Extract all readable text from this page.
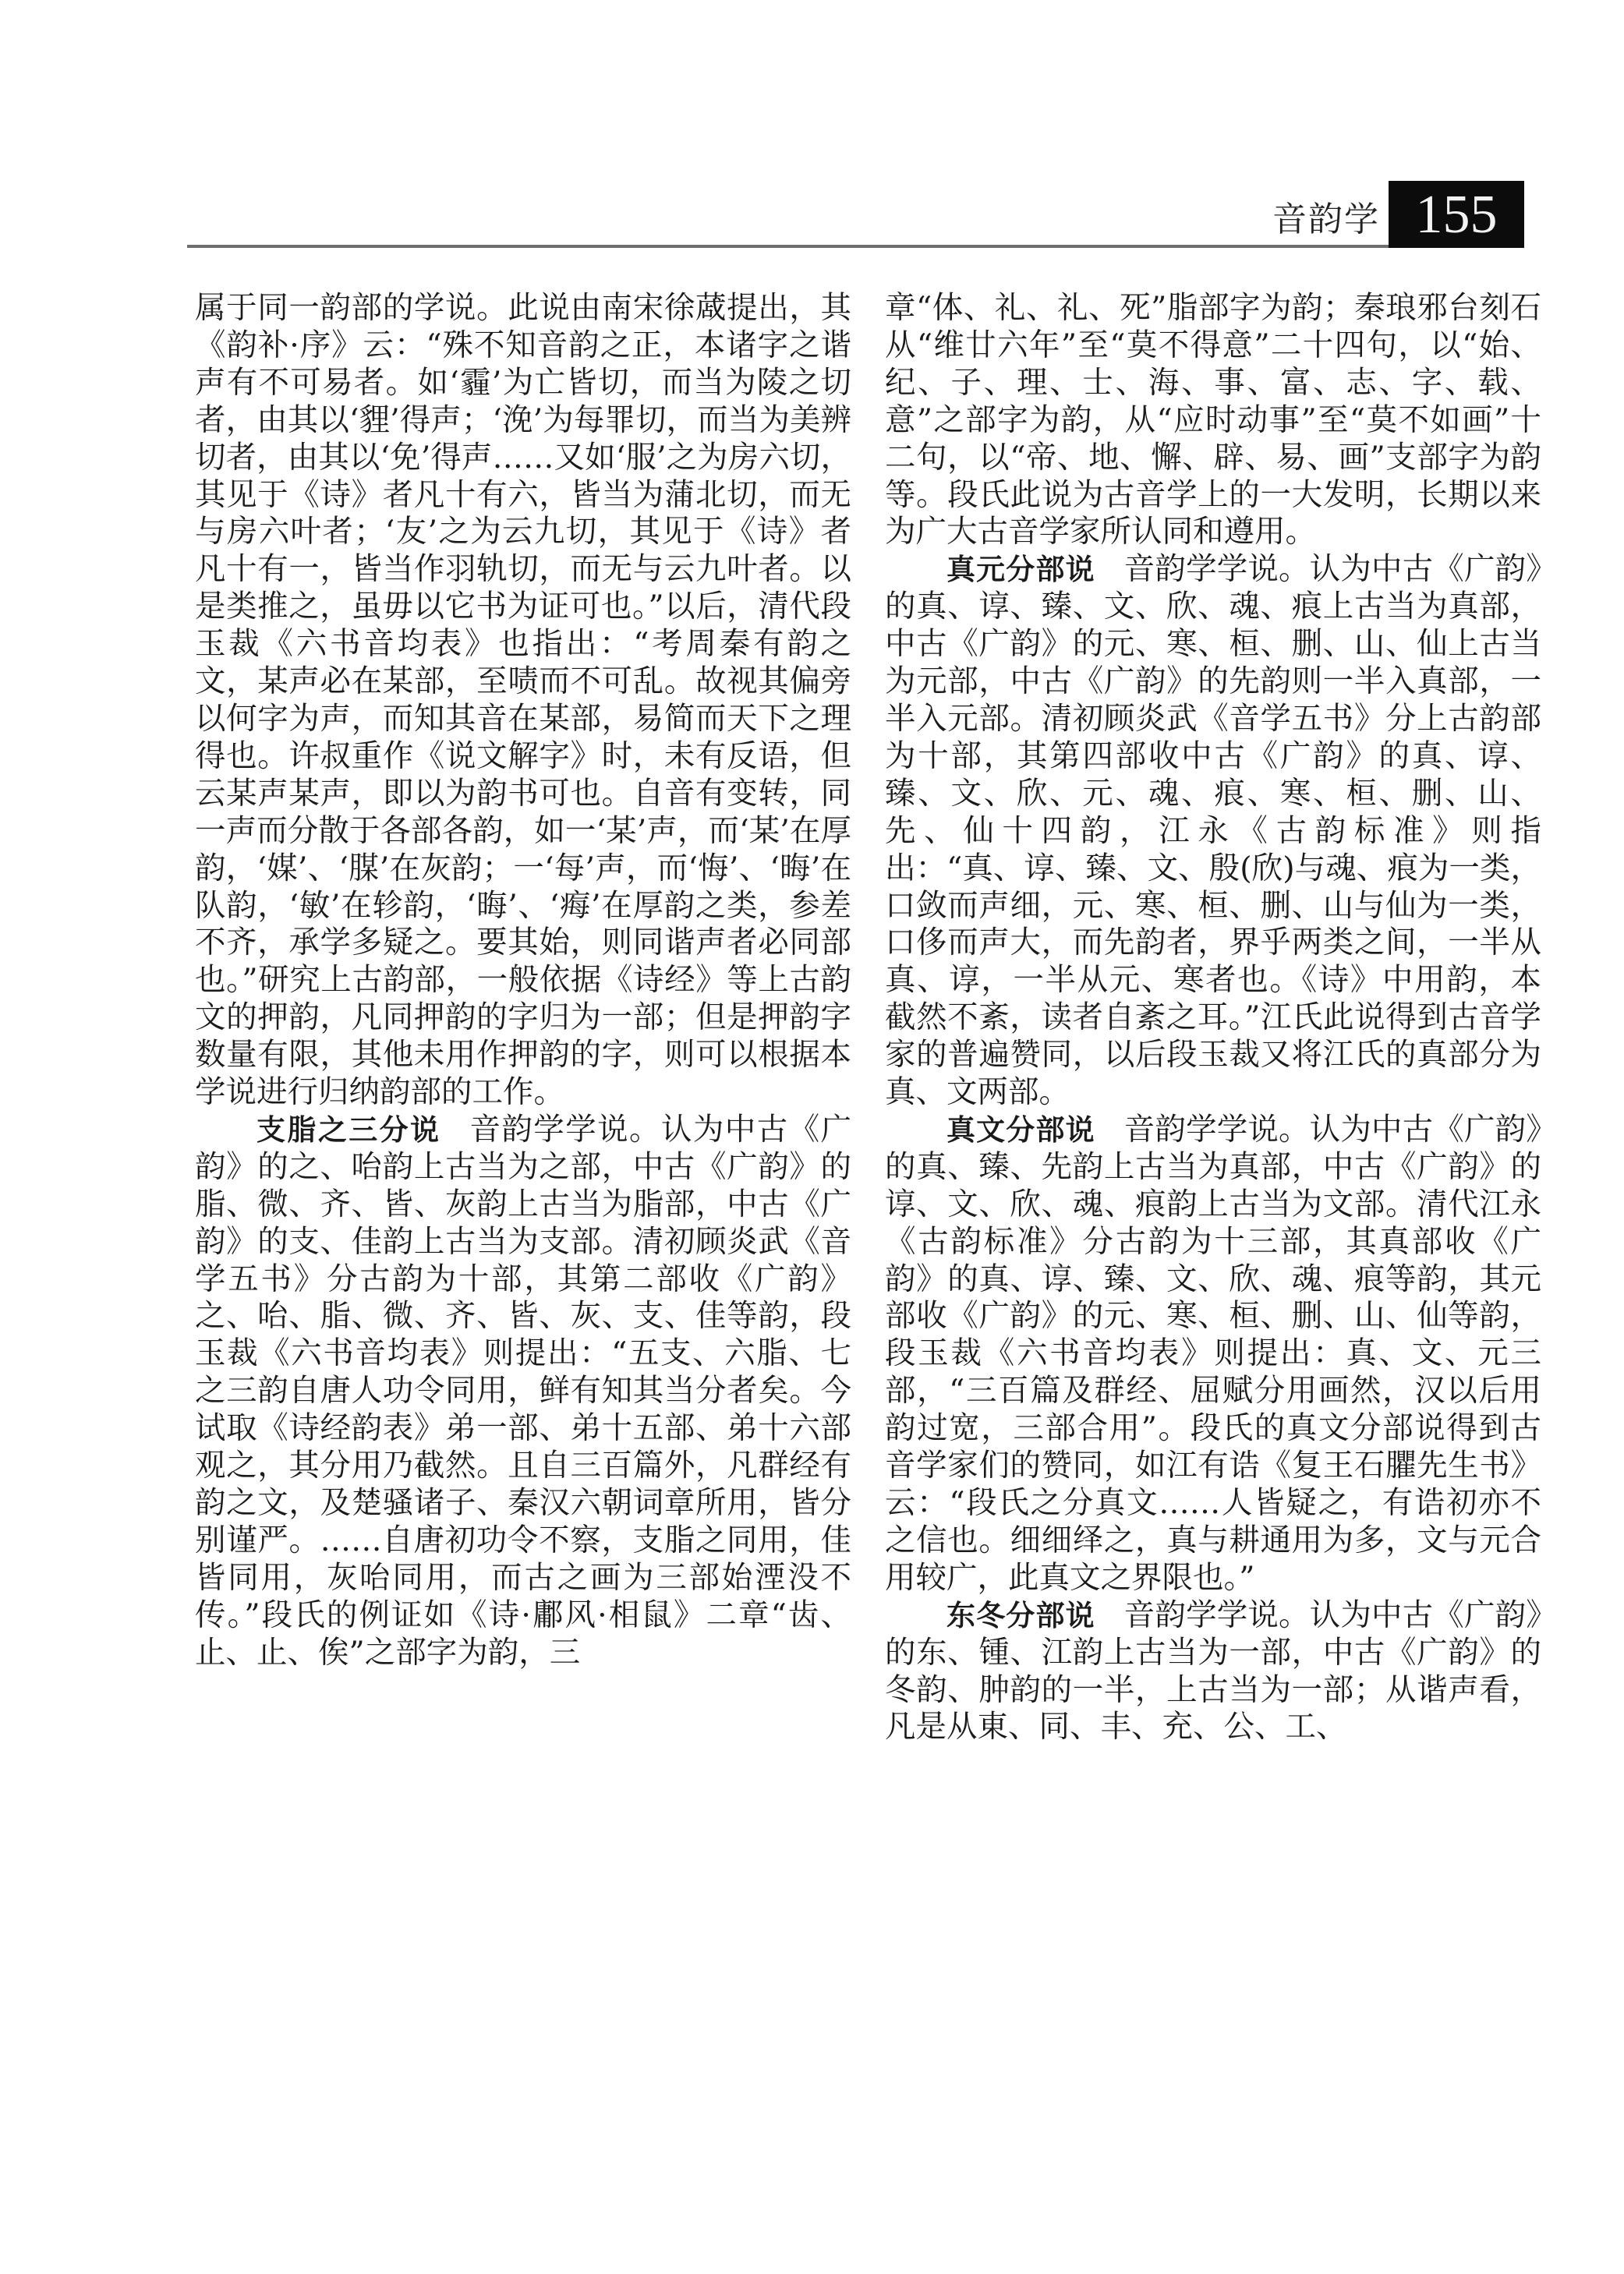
音韵学 155

属于同一韵部的学说。此说由南宋徐蒧提出，其《韵补·序》云：“殊不知音韵之正，本诸字之谐声有不可易者。如‘霾’为亡皆切，而当为陵之切者，由其以‘貍’得声；‘浼’为每罪切，而当为美辨切者，由其以‘免’得声……又如‘服’之为房六切，其见于《诗》者凡十有六，皆当为蒲北切，而无与房六叶者；‘友’之为云九切，其见于《诗》者凡十有一，皆当作羽轨切，而无与云九叶者。以是类推之，虽毋以它书为证可也。”以后，清代段玉裁《六书音均表》也指出：“考周秦有韵之文，某声必在某部，至啧而不可乱。故视其偏旁以何字为声，而知其音在某部，易简而天下之理得也。许叔重作《说文解字》时，未有反语，但云某声某声，即以为韵书可也。自音有变转，同一声而分散于各部各韵，如一‘某’声，而‘某’在厚韵，‘媒’、‘腜’在灰韵；一‘每’声，而‘悔’、‘晦’在队韵，‘敏’在轸韵，‘晦’、‘痗’在厚韵之类，参差不齐，承学多疑之。要其始，则同谐声者必同部也。”研究上古韵部，一般依据《诗经》等上古韵文的押韵，凡同押韵的字归为一部；但是押韵字数量有限，其他未用作押韵的字，则可以根据本学说进行归纳韵部的工作。

支脂之三分说 音韵学学说。认为中古《广韵》的之、咍韵上古当为之部，中古《广韵》的脂、微、齐、皆、灰韵上古当为脂部，中古《广韵》的支、佳韵上古当为支部。清初顾炎武《音学五书》分古韵为十部，其第二部收《广韵》之、咍、脂、微、齐、皆、灰、支、佳等韵，段玉裁《六书音均表》则提出：“五支、六脂、七之三韵自唐人功令同用，鲜有知其当分者矣。今试取《诗经韵表》弟一部、弟十五部、弟十六部观之，其分用乃截然。且自三百篇外，凡群经有韵之文，及楚骚诸子、秦汉六朝词章所用，皆分别谨严。……自唐初功令不察，支脂之同用，佳皆同用，灰咍同用，而古之画为三部始湮没不传。”段氏的例证如《诗·鄘风·相鼠》二章“齿、止、止、俟”之部字为韵，三

章“体、礼、礼、死”脂部字为韵；秦琅邪台刻石从“维廿六年”至“莫不得意”二十四句，以“始、纪、子、理、士、海、事、富、志、字、载、意”之部字为韵，从“应时动事”至“莫不如画”十二句，以“帝、地、懈、辟、易、画”支部字为韵等。段氏此说为古音学上的一大发明，长期以来为广大古音学家所认同和遵用。

真元分部说 音韵学学说。认为中古《广韵》的真、谆、臻、文、欣、魂、痕上古当为真部，中古《广韵》的元、寒、桓、删、山、仙上古当为元部，中古《广韵》的先韵则一半入真部，一半入元部。清初顾炎武《音学五书》分上古韵部为十部，其第四部收中古《广韵》的真、谆、臻、文、欣、元、魂、痕、寒、桓、删、山、先、仙十四韵，江永《古韵标准》则指出：“真、谆、臻、文、殷(欣)与魂、痕为一类，口敛而声细，元、寒、桓、删、山与仙为一类，口侈而声大，而先韵者，界乎两类之间，一半从真、谆，一半从元、寒者也。《诗》中用韵，本截然不紊，读者自紊之耳。”江氏此说得到古音学家的普遍赞同，以后段玉裁又将江氏的真部分为真、文两部。

真文分部说 音韵学学说。认为中古《广韵》的真、臻、先韵上古当为真部，中古《广韵》的谆、文、欣、魂、痕韵上古当为文部。清代江永《古韵标准》分古韵为十三部，其真部收《广韵》的真、谆、臻、文、欣、魂、痕等韵，其元部收《广韵》的元、寒、桓、删、山、仙等韵，段玉裁《六书音均表》则提出：真、文、元三部，“三百篇及群经、屈赋分用画然，汉以后用韵过宽，三部合用”。段氏的真文分部说得到古音学家们的赞同，如江有诰《复王石臞先生书》云：“段氏之分真文……人皆疑之，有诰初亦不之信也。细细绎之，真与耕通用为多，文与元合用较广，此真文之界限也。”

东冬分部说 音韵学学说。认为中古《广韵》的东、锺、江韵上古当为一部，中古《广韵》的冬韵、肿韵的一半，上古当为一部；从谐声看，凡是从東、同、丰、充、公、工、
